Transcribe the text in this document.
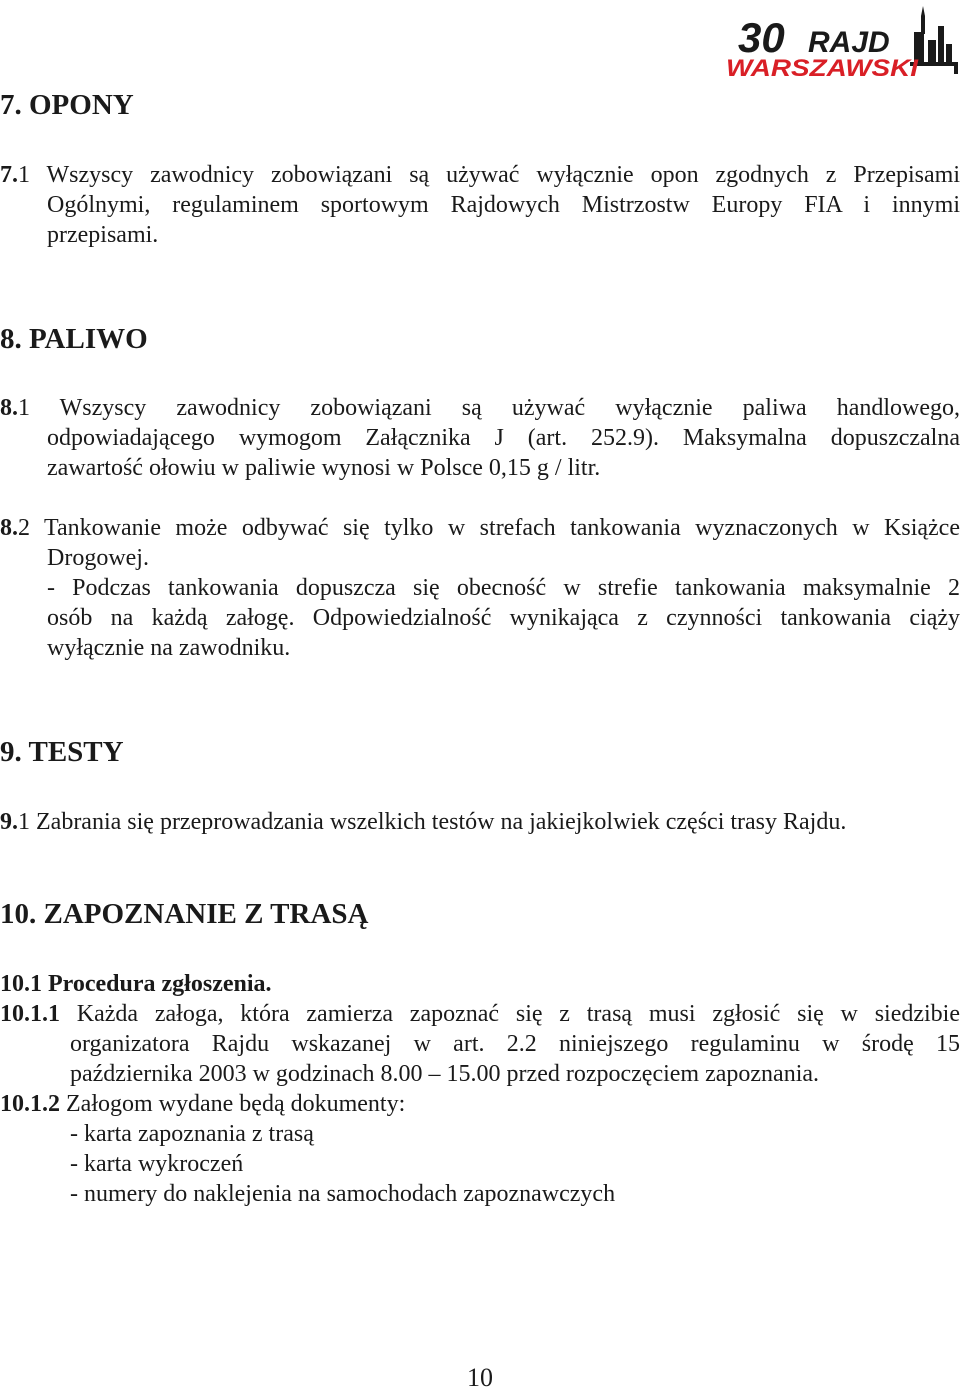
30 RAJD
WARSZAWSKI
7. OPONY
7.1 Wszyscy zawodnicy zobowiązani są używać wyłącznie opon zgodnych z Przepisami
Ogólnymi, regulaminem sportowym Rajdowych Mistrzostw Europy FIA i innymi
przepisami.
8. PALIWO
8.1 Wszyscy zawodnicy zobowiązani są używać wyłącznie paliwa handlowego,
odpowiadającego wymogom Załącznika J (art. 252.9). Maksymalna dopuszczalna
zawartość ołowiu w paliwie wynosi w Polsce 0,15 g / litr.
8.2 Tankowanie może odbywać się tylko w strefach tankowania wyznaczonych w Książce
Drogowej.
- Podczas tankowania dopuszcza się obecność w strefie tankowania maksymalnie 2
osób na każdą załogę. Odpowiedzialność wynikająca z czynności tankowania ciąży
wyłącznie na zawodniku.
9. TESTY
9.1 Zabrania się przeprowadzania wszelkich testów na jakiejkolwiek części trasy Rajdu.
10. ZAPOZNANIE Z TRASĄ
10.1 Procedura zgłoszenia.
10.1.1 Każda załoga, która zamierza zapoznać się z trasą musi zgłosić się w siedzibie
organizatora Rajdu wskazanej w art. 2.2 niniejszego regulaminu w środę 15
października 2003 w godzinach 8.00 – 15.00 przed rozpoczęciem zapoznania.
10.1.2 Załogom wydane będą dokumenty:
- karta zapoznania z trasą
- karta wykroczeń
- numery do naklejenia na samochodach zapoznawczych
10
